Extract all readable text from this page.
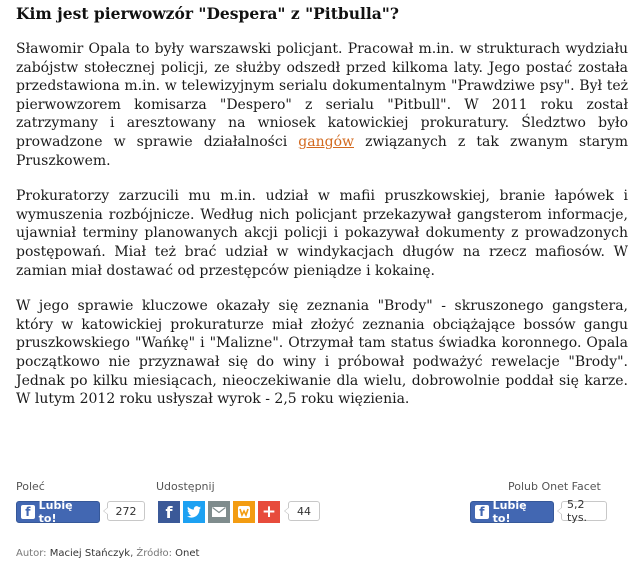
Kim jest pierwowzór "Despera" z "Pitbulla"?

Sławomir Opala to były warszawski policjant. Pracował m.in. w strukturach wydziału zabójstw stołecznej policji, ze służby odszedł przed kilkoma laty. Jego postać została przedstawiona m.in. w telewizyjnym serialu dokumentalnym "Prawdziwe psy". Był też pierwowzorem komisarza "Despero" z serialu "Pitbull". W 2011 roku został zatrzymany i aresztowany na wniosek katowickiej prokuratury. Śledztwo było prowadzone w sprawie działalności gangów związanych z tak zwanym starym Pruszkowem.

Prokuratorzy zarzucili mu m.in. udział w mafii pruszkowskiej, branie łapówek i wymuszenia rozbójnicze. Według nich policjant przekazywał gangsterom informacje, ujawniał terminy planowanych akcji policji i pokazywał dokumenty z prowadzonych postępowań. Miał też brać udział w windykacjach długów na rzecz mafiosów. W zamian miał dostawać od przestępców pieniądze i kokainę.

W jego sprawie kluczowe okazały się zeznania "Brody" - skruszonego gangstera, który w katowickiej prokuraturze miał złożyć zeznania obciążające bossów gangu pruszkowskiego "Wańkę" i "Malizne". Otrzymał tam status świadka koronnego. Opala początkowo nie przyznawał się do winy i próbował podważyć rewelacje "Brody". Jednak po kilku miesiącach, nieoczekiwanie dla wielu, dobrowolnie poddał się karze. W lutym 2012 roku usłyszał wyrok - 2,5 roku więzienia.

Poleć
f Lubię to!
272
Udostępnij
f	+ 44
Polub Onet Facet
f Lubię to!
5,2 tys.
Autor: Maciej Stańczyk, Źródło: Onet
